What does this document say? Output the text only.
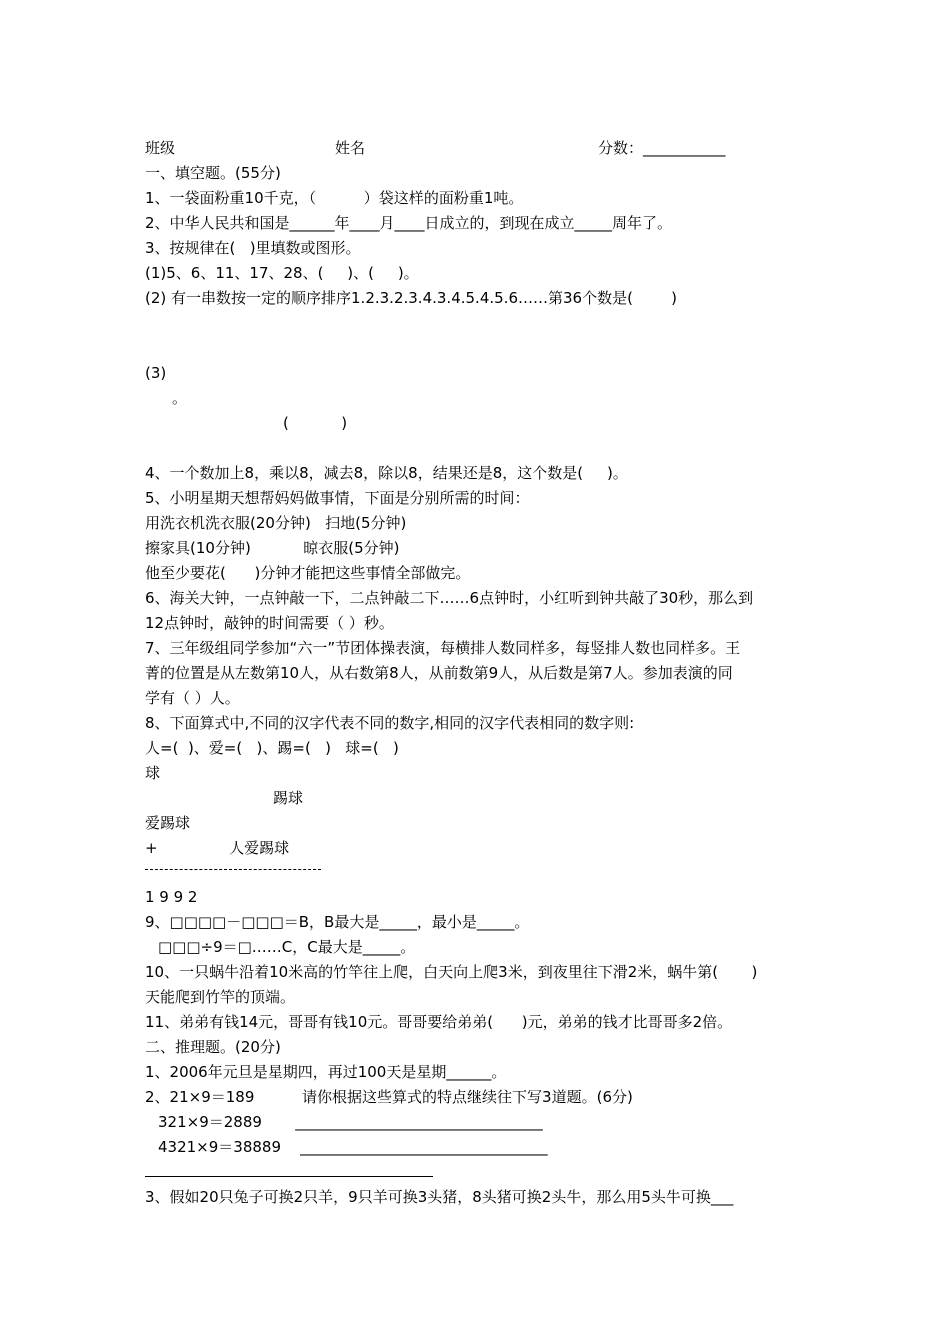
班级

	姓名

	分数：___________

一、填空题。(55分)
1、一袋面粉重10千克，（          ）袋这样的面粉重1吨。
2、中华人民共和国是______年____月____日成立的，到现在成立_____周年了。
3、按规律在(   )里填数或图形。
(1)5、6、11、17、28、(     )、(     )。
(2) 有一串数按一定的顺序排序1.2.3.2.3.4.3.4.5.4.5.6……第36个数是(        )
(3)
。
(           )
4、一个数加上8，乘以8，减去8，除以8，结果还是8，这个数是(     )。
5、小明星期天想帮妈妈做事情，下面是分别所需的时间：
用洗衣机洗衣服(20分钟)   扫地(5分钟)
擦家具(10分钟)           晾衣服(5分钟)
他至少要花(      )分钟才能把这些事情全部做完。
6、海关大钟，一点钟敲一下，二点钟敲二下……6点钟时，小红听到钟共敲了30秒，那么到
12点钟时，敲钟的时间需要（ ）秒。
7、三年级组同学参加“六一”节团体操表演，每横排人数同样多，每竖排人数也同样多。王
菁的位置是从左数第10人，从右数第8人，从前数第9人，从后数是第7人。参加表演的同
学有（ ）人。
8、下面算式中,不同的汉字代表不同的数字,相同的汉字代表相同的数字则:
人=(  )、爱=(   )、踢=(   )   球=(   )
球
踢球
爱踢球
+               人爱踢球
1 9 9 2
9、□□□□－□□□＝B，B最大是_____，最小是_____。
□□□÷9＝□……C，C最大是_____。
10、一只蜗牛沿着10米高的竹竿往上爬，白天向上爬3米，到夜里往下滑2米，蜗牛第(       )
天能爬到竹竿的顶端。
11、弟弟有钱14元，哥哥有钱10元。哥哥要给弟弟(      )元，弟弟的钱才比哥哥多2倍。
二、推理题。(20分)
1、2006年元旦是星期四，再过100天是星期______。
2、21×9＝189          请你根据这些算式的特点继续往下写3道题。(6分)
321×9＝2889       _________________________________
4321×9＝38889    _________________________________
3、假如20只兔子可换2只羊，9只羊可换3头猪，8头猪可换2头牛，那么用5头牛可换___
